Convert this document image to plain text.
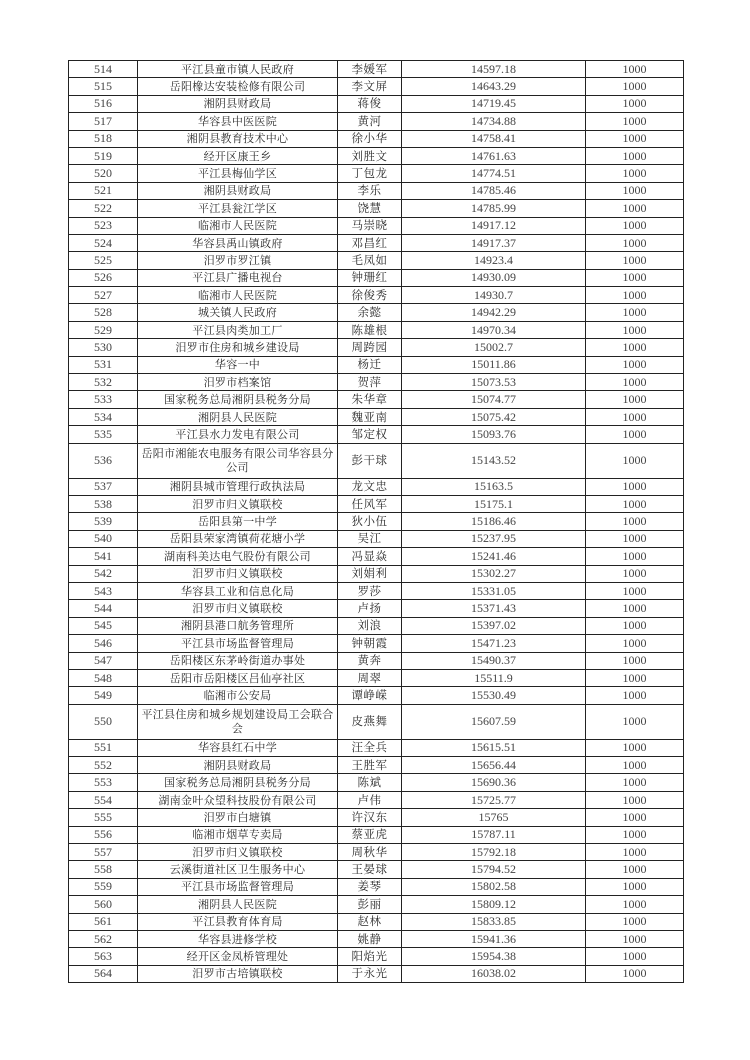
514	平江县童市镇人民政府	李媛军	14597.18	1000
515	岳阳橡达安装检修有限公司	李文屏	14643.29	1000
516	湘阴县财政局	蒋俊	14719.45	1000
517	华容县中医医院	黄河	14734.88	1000
518	湘阴县教育技术中心	徐小华	14758.41	1000
519	经开区康王乡	刘胜文	14761.63	1000
520	平江县梅仙学区	丁包龙	14774.51	1000
521	湘阴县财政局	李乐	14785.46	1000
522	平江县瓮江学区	饶慧	14785.99	1000
523	临湘市人民医院	马崇晓	14917.12	1000
524	华容县禹山镇政府	邓昌红	14917.37	1000
525	汨罗市罗江镇	毛凤如	14923.4	1000
526	平江县广播电视台	钟珊红	14930.09	1000
527	临湘市人民医院	徐俊秀	14930.7	1000
528	城关镇人民政府	余懿	14942.29	1000
529	平江县肉类加工厂	陈雄根	14970.34	1000
530	汨罗市住房和城乡建设局	周跨园	15002.7	1000
531	华容一中	杨迁	15011.86	1000
532	汨罗市档案馆	贺萍	15073.53	1000
533	国家税务总局湘阴县税务分局	朱华章	15074.77	1000
534	湘阴县人民医院	魏亚南	15075.42	1000
535	平江县水力发电有限公司	邹定权	15093.76	1000
536	岳阳市湘能农电服务有限公司华容县分公司	彭干球	15143.52	1000
537	湘阴县城市管理行政执法局	龙文忠	15163.5	1000
538	汨罗市归义镇联校	任风军	15175.1	1000
539	岳阳县第一中学	狄小伍	15186.46	1000
540	岳阳县荣家湾镇荷花塘小学	吴江	15237.95	1000
541	湖南科美达电气股份有限公司	冯显焱	15241.46	1000
542	汨罗市归义镇联校	刘娟利	15302.27	1000
543	华容县工业和信息化局	罗莎	15331.05	1000
544	汨罗市归义镇联校	卢扬	15371.43	1000
545	湘阴县港口航务管理所	刘浪	15397.02	1000
546	平江县市场监督管理局	钟朝霞	15471.23	1000
547	岳阳楼区东茅岭街道办事处	黄奔	15490.37	1000
548	岳阳市岳阳楼区吕仙亭社区	周翠	15511.9	1000
549	临湘市公安局	谭峥嵘	15530.49	1000
550	平江县住房和城乡规划建设局工会联合会	皮燕舞	15607.59	1000
551	华容县红石中学	汪全兵	15615.51	1000
552	湘阴县财政局	王胜军	15656.44	1000
553	国家税务总局湘阴县税务分局	陈斌	15690.36	1000
554	湖南金叶众望科技股份有限公司	卢伟	15725.77	1000
555	汨罗市白塘镇	许汉东	15765	1000
556	临湘市烟草专卖局	蔡亚虎	15787.11	1000
557	汨罗市归义镇联校	周秋华	15792.18	1000
558	云溪街道社区卫生服务中心	王晏球	15794.52	1000
559	平江县市场监督管理局	姜琴	15802.58	1000
560	湘阴县人民医院	彭丽	15809.12	1000
561	平江县教育体育局	赵林	15833.85	1000
562	华容县进修学校	姚静	15941.36	1000
563	经开区金凤桥管理处	阳焰光	15954.38	1000
564	汨罗市古培镇联校	于永光	16038.02	1000
